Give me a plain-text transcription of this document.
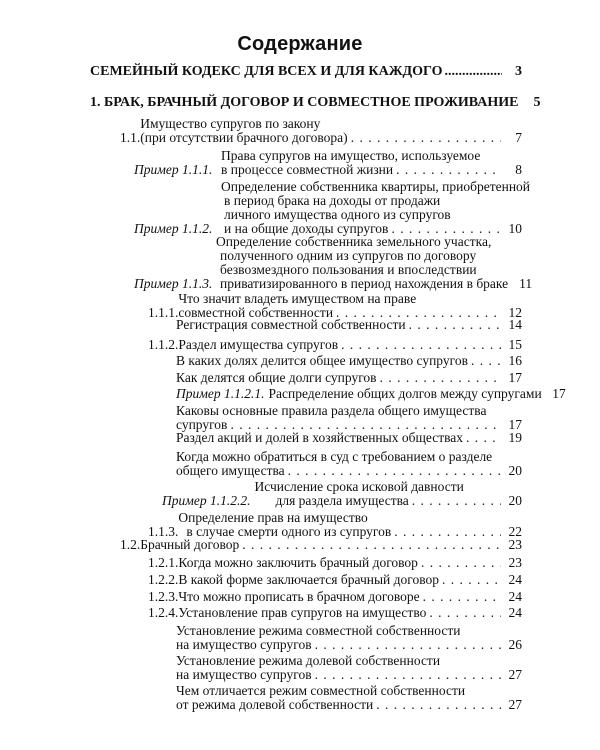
Содержание
СЕМЕЙНЫЙ КОДЕКС ДЛЯ ВСЕХ И ДЛЯ КАЖДОГО .....	3
1. БРАК, БРАЧНЫЙ ДОГОВОР И СОВМЕСТНОЕ ПРОЖИВАНИЕ	5
1.1.
Имущество супругов по закону
(при отсутствии брачного договора) . . .	7
Пример 1.1.1.
Права супругов на имущество, используемое
в процессе совместной жизни . . .	8
Пример 1.1.2.
Определение собственника квартиры, приобретенной
в период брака на доходы от продажи
личного имущества одного из супругов
и на общие доходы супругов . . .	10
Пример 1.1.3.
Определение собственника земельного участка,
полученного одним из супругов по договору
безвозмездного пользования и впоследствии
приватизированного в период нахождения в браке 11
1.1.1.
Что значит владеть имуществом на праве
совместной собственности . . .	12
Регистрация совместной собственности . . .	14
1.1.2. Раздел имущества супругов . . .	15
В каких долях делится общее имущество супругов . . .	16
Как делятся общие долги супругов . . .	17
Пример 1.1.2.1. Распределение общих долгов между супругами 17
Каковы основные правила раздела общего имущества
супругов . . .	17
Раздел акций и долей в хозяйственных обществах . . .	19
Когда можно обратиться в суд с требованием о разделе
общего имущества . . .	20
Пример 1.1.2.2.
Исчисление срока исковой давности
для раздела имущества . . .	20
1.1.3.
Определение прав на имущество
в случае смерти одного из супругов . . .	22
1.2. Брачный договор . . .	23
1.2.1. Когда можно заключить брачный договор . . .	23
1.2.2. В какой форме заключается брачный договор . . .	24
1.2.3. Что можно прописать в брачном договоре . . .	24
1.2.4. Установление прав супругов на имущество . . .	24
Установление режима совместной собственности
на имущество супругов . . .	26
Установление режима долевой собственности
на имущество супругов . . .	27
Чем отличается режим совместной собственности
от режима долевой собственности . . .	27
